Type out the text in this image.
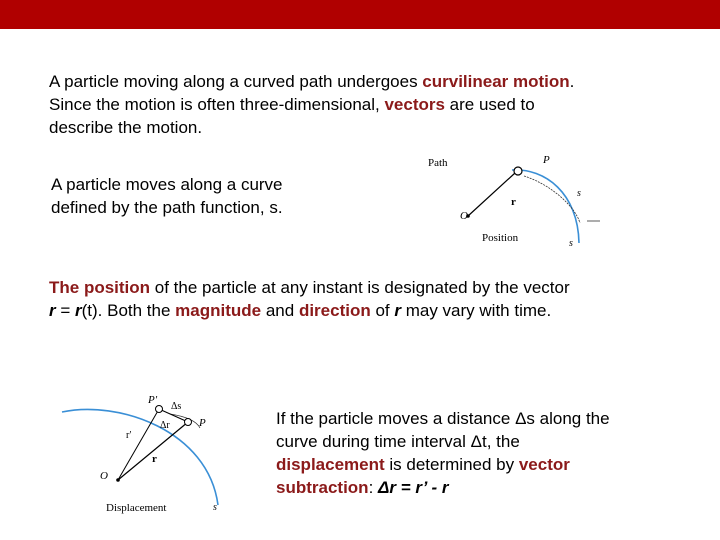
A particle moving along a curved path undergoes curvilinear motion.
Since the motion is often three-dimensional, vectors are used to
describe the motion.

A particle moves along a curve
defined by the path function, s.

Path	P
s
r
O
Position	s

The position of the particle at any instant is designated by the vector
r = r(t). Both the magnitude and direction of r may vary with time.

P′
Δs
Δr	P
r′
r
O
Displacement	s

If the particle moves a distance Δs along the
curve during time interval Δt, the
displacement is determined by vector
subtraction: Δr = r’ - r
